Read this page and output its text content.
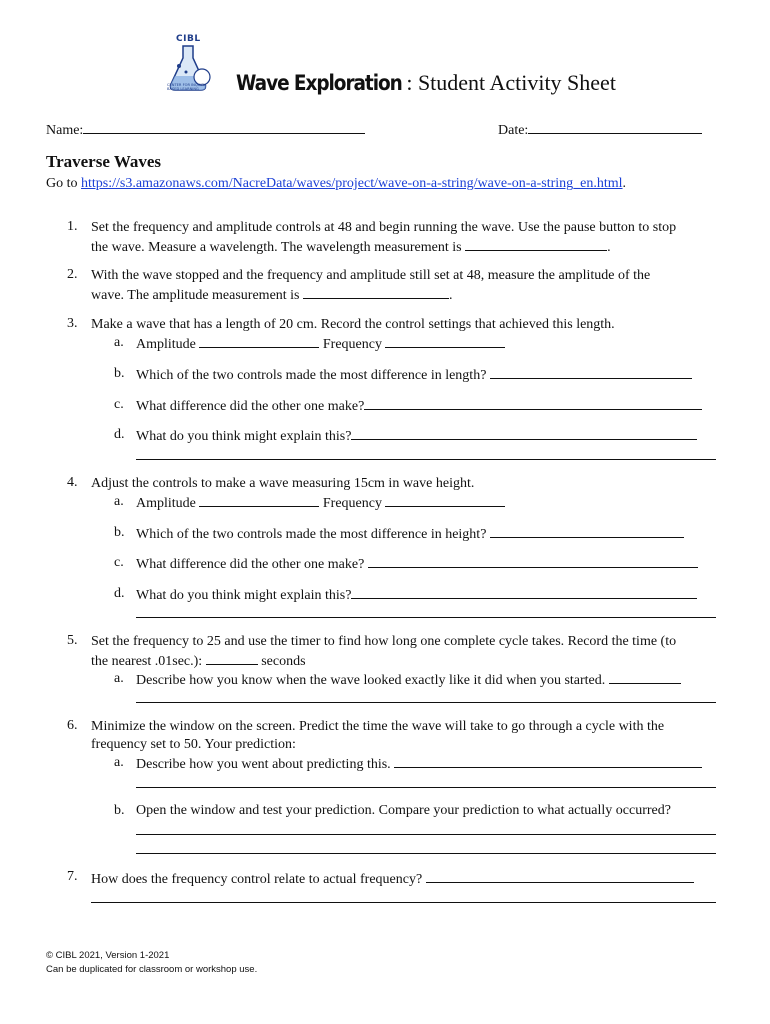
CIBL
CENTER FOR INQUIRY-BASED LEARNING	Wave Exploration : Student Activity Sheet
Name:	Date:
Traverse Waves
Go to https://s3.amazonaws.com/NacreData/waves/project/wave-on-a-string/wave-on-a-string_en.html.
1. Set the frequency and amplitude controls at 48 and begin running the wave. Use the pause button to stop
the wave. Measure a wavelength. The wavelength measurement is	.
2. With the wave stopped and the frequency and amplitude still set at 48, measure the amplitude of the
wave. The amplitude measurement is	.
3. Make a wave that has a length of 20 cm. Record the control settings that achieved this length.
a. Amplitude	Frequency
b. Which of the two controls made the most difference in length?
c. What difference did the other one make?
d. What do you think might explain this?
4. Adjust the controls to make a wave measuring 15cm in wave height.
a. Amplitude	Frequency
b. Which of the two controls made the most difference in height?
c. What difference did the other one make?
d. What do you think might explain this?
5. Set the frequency to 25 and use the timer to find how long one complete cycle takes. Record the time (to
the nearest .01sec.):	seconds
a. Describe how you know when the wave looked exactly like it did when you started.
6. Minimize the window on the screen. Predict the time the wave will take to go through a cycle with the
frequency set to 50. Your prediction:
a. Describe how you went about predicting this.
b. Open the window and test your prediction. Compare your prediction to what actually occurred?
7. How does the frequency control relate to actual frequency?
© CIBL 2021, Version 1-2021
Can be duplicated for classroom or workshop use.
